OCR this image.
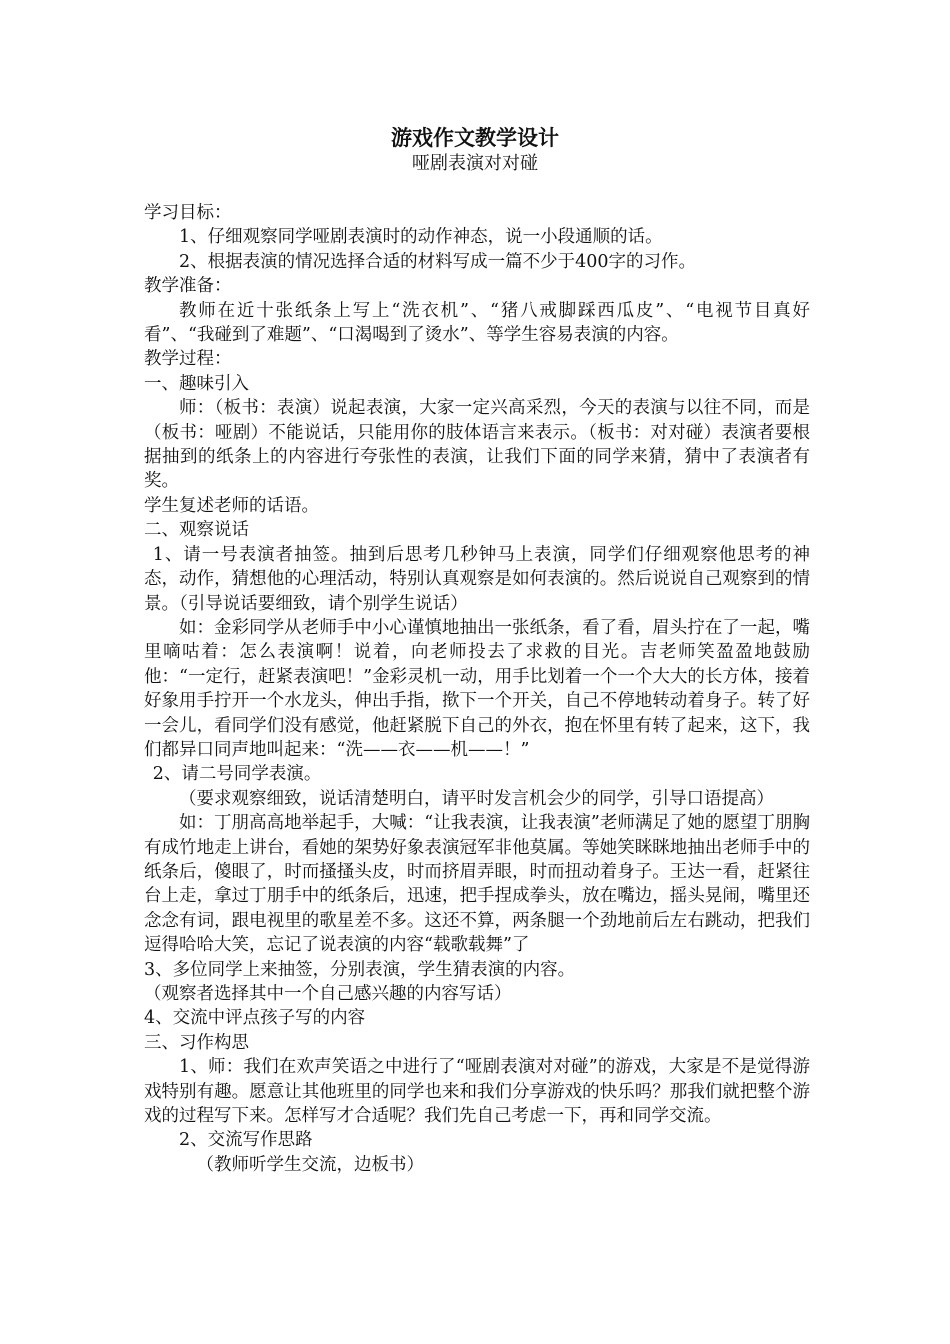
游戏作文教学设计
哑剧表演对对碰

学习目标：

1、仔细观察同学哑剧表演时的动作神态，说一小段通顺的话。

2、根据表演的情况选择合适的材料写成一篇不少于400字的习作。

教学准备：

教师在近十张纸条上写上“洗衣机”、“猪八戒脚踩西瓜皮”、“电视节目真好看”、“我碰到了难题”、“口渴喝到了烫水”、等学生容易表演的内容。

教学过程：

一、趣味引入

师：（板书：表演）说起表演，大家一定兴高采烈，今天的表演与以往不同，而是（板书：哑剧）不能说话，只能用你的肢体语言来表示。（板书：对对碰）表演者要根据抽到的纸条上的内容进行夸张性的表演，让我们下面的同学来猜，猜中了表演者有奖。

学生复述老师的话语。

二、观察说话

1、请一号表演者抽签。抽到后思考几秒钟马上表演，同学们仔细观察他思考的神态，动作，猜想他的心理活动，特别认真观察是如何表演的。然后说说自己观察到的情景。（引导说话要细致，请个别学生说话）

如：金彩同学从老师手中小心谨慎地抽出一张纸条，看了看，眉头拧在了一起，嘴里嘀咕着：怎么表演啊！说着，向老师投去了求救的目光。吉老师笑盈盈地鼓励他：“一定行，赶紧表演吧！”金彩灵机一动，用手比划着一个一个大大的长方体，接着好象用手拧开一个水龙头，伸出手指，揿下一个开关，自己不停地转动着身子。转了好一会儿，看同学们没有感觉，他赶紧脱下自己的外衣，抱在怀里有转了起来，这下，我们都异口同声地叫起来：“洗——衣——机——！”

2、请二号同学表演。

（要求观察细致，说话清楚明白，请平时发言机会少的同学，引导口语提高）

如：丁朋高高地举起手，大喊：“让我表演，让我表演”老师满足了她的愿望丁朋胸有成竹地走上讲台，看她的架势好象表演冠军非他莫属。等她笑眯眯地抽出老师手中的纸条后，傻眼了，时而搔搔头皮，时而挤眉弄眼，时而扭动着身子。王达一看，赶紧往台上走，拿过丁朋手中的纸条后，迅速，把手捏成拳头，放在嘴边，摇头晃闹，嘴里还念念有词，跟电视里的歌星差不多。这还不算，两条腿一个劲地前后左右跳动，把我们逗得哈哈大笑，忘记了说表演的内容“载歌载舞”了

3、多位同学上来抽签，分别表演，学生猜表演的内容。

（观察者选择其中一个自己感兴趣的内容写话）

4、交流中评点孩子写的内容

三、习作构思

1、师：我们在欢声笑语之中进行了“哑剧表演对对碰”的游戏，大家是不是觉得游戏特别有趣。愿意让其他班里的同学也来和我们分享游戏的快乐吗？那我们就把整个游戏的过程写下来。怎样写才合适呢？我们先自己考虑一下，再和同学交流。

2、交流写作思路

（教师听学生交流，边板书）
